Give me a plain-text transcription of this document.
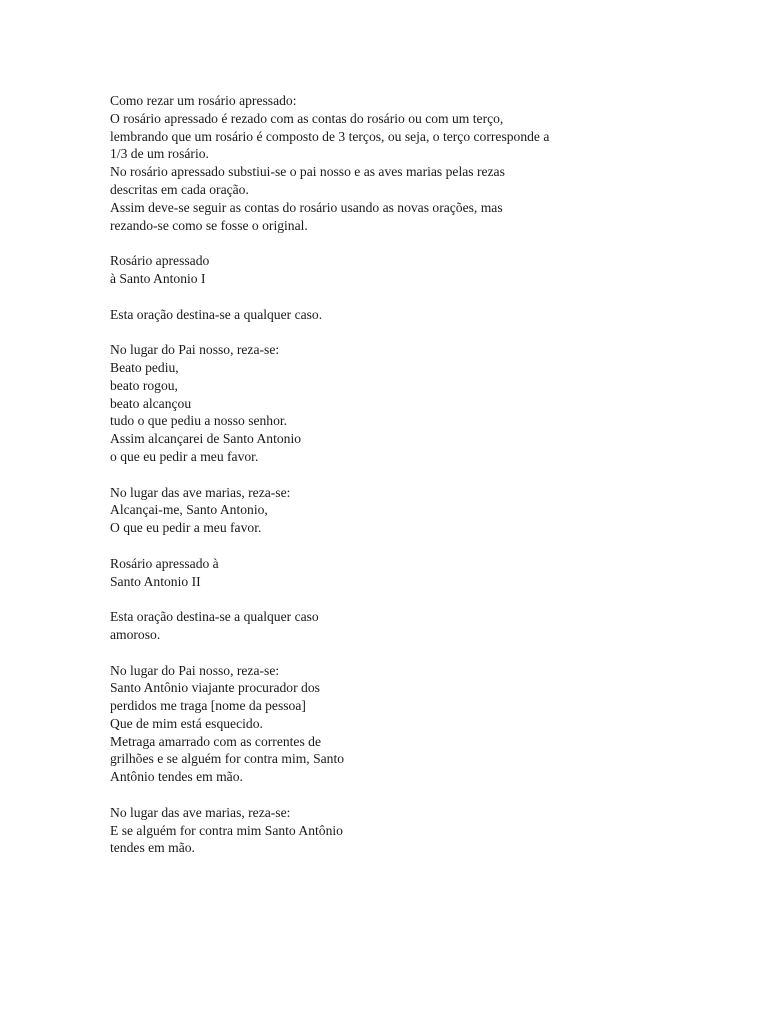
Como rezar um rosário apressado:
O rosário apressado é rezado com as contas do rosário ou com um terço,
lembrando que um rosário é composto de 3 terços, ou seja, o terço corresponde a
1/3 de um rosário.
No rosário apressado substiui-se o pai nosso e as aves marias pelas rezas
descritas em cada oração.
Assim deve-se seguir as contas do rosário usando as novas orações, mas
rezando-se como se fosse o original.
Rosário apressado
à Santo Antonio I
Esta oração destina-se a qualquer caso.
No lugar do Pai nosso, reza-se:
Beato pediu,
beato rogou,
beato alcançou
tudo o que pediu a nosso senhor.
Assim alcançarei de Santo Antonio
o que eu pedir a meu favor.
No lugar das ave marias, reza-se:
Alcançai-me, Santo Antonio,
O que eu pedir a meu favor.
Rosário apressado à
Santo Antonio II
Esta oração destina-se a qualquer caso
amoroso.
No lugar do Pai nosso, reza-se:
Santo Antônio viajante procurador dos
perdidos me traga [nome da pessoa]
Que de mim está esquecido.
Metraga amarrado com as correntes de
grilhões e se alguém for contra mim, Santo
Antônio tendes em mão.
No lugar das ave marias, reza-se:
E se alguém for contra mim Santo Antônio
tendes em mão.
